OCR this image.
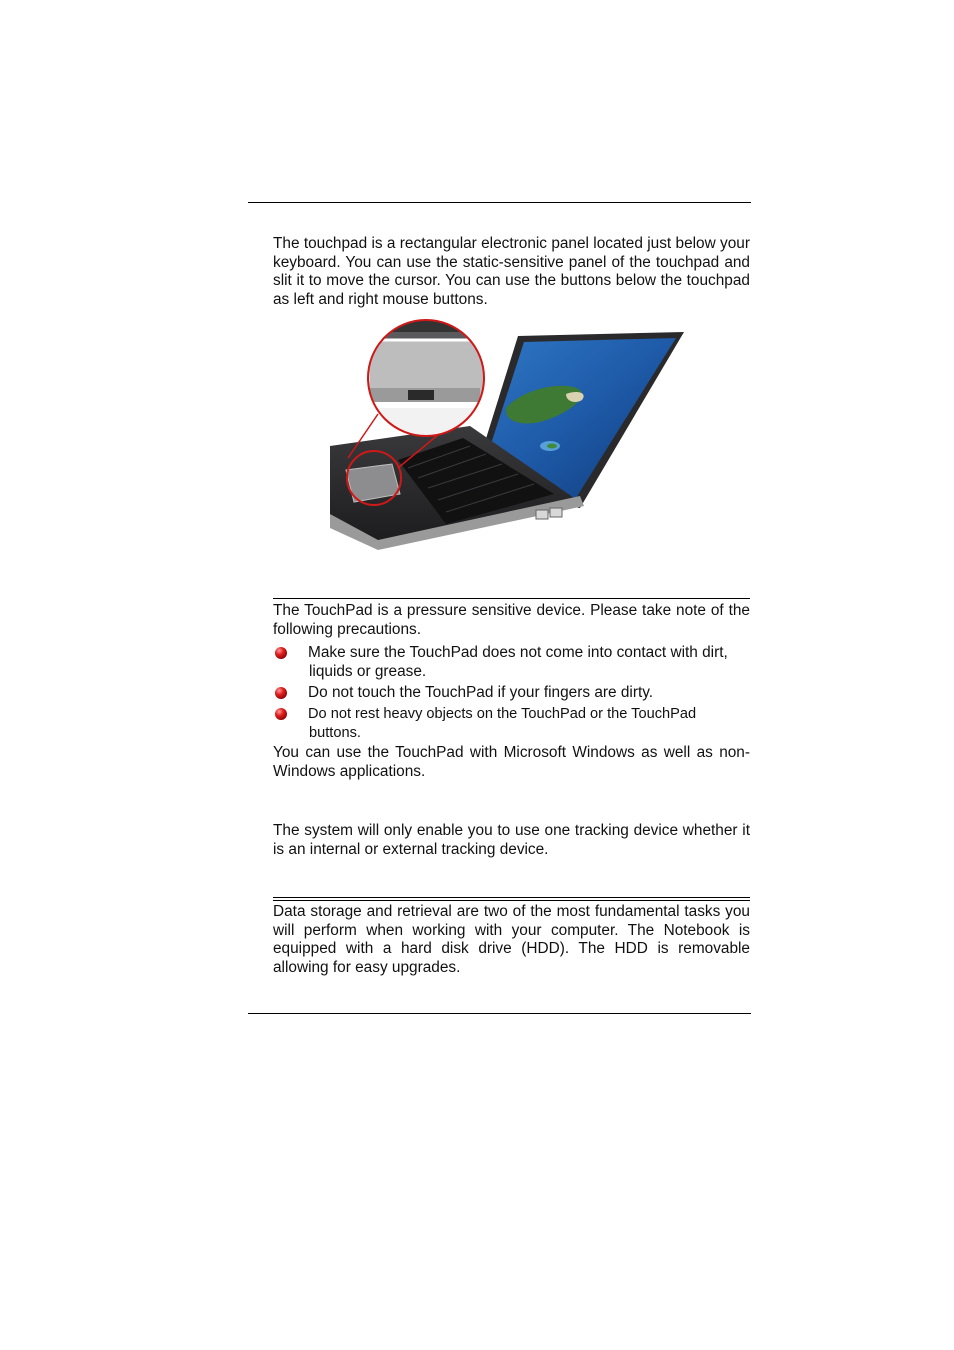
The touchpad is a rectangular electronic panel located just below your keyboard. You can use the static-sensitive panel of the touchpad and slit it to move the cursor. You can use the buttons below the touchpad as left and right mouse buttons.

The TouchPad is a pressure sensitive device. Please take note of the following precautions.

Make sure the TouchPad does not come into contact with dirt,
liquids or grease.
Do not touch the TouchPad if your fingers are dirty.
Do not rest heavy objects on the TouchPad or the TouchPad
buttons.

You can use the TouchPad with Microsoft Windows as well as non-Windows applications.

The system will only enable you to use one tracking device whether it is an internal or external tracking device.

Data storage and retrieval are two of the most fundamental tasks you will perform when working with your computer. The Notebook is equipped with a hard disk drive (HDD). The HDD is removable allowing for easy upgrades.
